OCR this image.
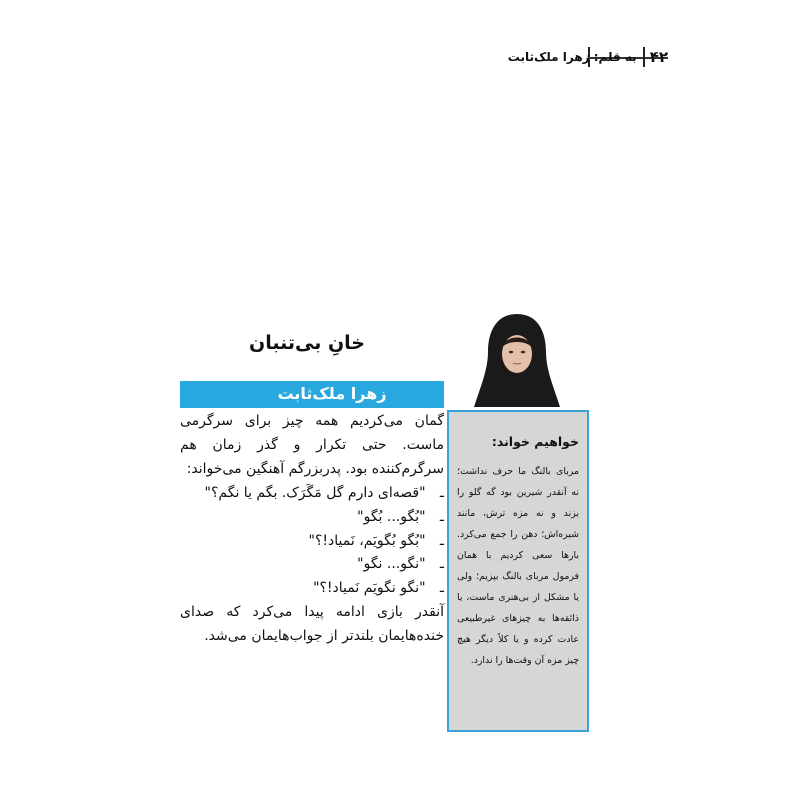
۴۲
به قلم: زهرا ملک‌ثابت
خانِ بی‌تنبان
زهرا ملک‌ثابت

گمان می‌کردیم همه چیز برای سرگرمی ماست. حتی تکرار و گذر زمان هم سرگرم‌کننده بود. پدربزرگم آهنگین می‌خواند:

ـ "قصه‌ای دارم گل مَگَرَک. بگم یا نگم؟"
ـ "بُگو... بُگو"
ـ "بُگو بُگویَم، نَمیاد!؟"
ـ "نگو... نگو"
ـ "نگو نگویَم نَمیاد!؟"

آنقدر بازی ادامه پیدا می‌کرد که صدای خنده‌هایمان بلندتر از جواب‌هایمان می‌شد.

خواهیم خواند:

مربای بالنگ ما حرف نداشت؛ نه آنقدر شیرین بود گه گلو را بزند و نه مزه ترش، مانند شیره‌اش؛ دهن را جمع می‌کرد. بارها سعی کردیم با همان فرمول مربای بالنگ بپزیم؛ ولی یا مشکل از بی‌هنری ماست، یا ذائقه‌ها به چیزهای غیرطبیعی عادت کرده و یا کلاً دیگر هیچ چیز مزه آن وقت‌ها را ندارد.
